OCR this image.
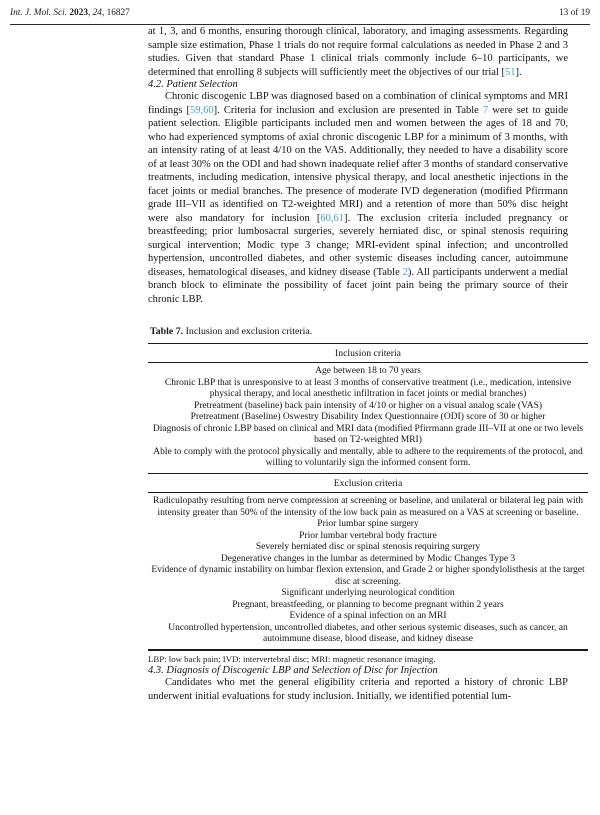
Int. J. Mol. Sci. 2023, 24, 16827	13 of 19

at 1, 3, and 6 months, ensuring thorough clinical, laboratory, and imaging assessments. Regarding sample size estimation, Phase 1 trials do not require formal calculations as needed in Phase 2 and 3 studies. Given that standard Phase 1 clinical trials commonly include 6–10 participants, we determined that enrolling 8 subjects will sufficiently meet the objectives of our trial [51].

4.2. Patient Selection

Chronic discogenic LBP was diagnosed based on a combination of clinical symptoms and MRI findings [59,60]. Criteria for inclusion and exclusion are presented in Table 7 were set to guide patient selection. Eligible participants included men and women between the ages of 18 and 70, who had experienced symptoms of axial chronic discogenic LBP for a minimum of 3 months, with an intensity rating of at least 4/10 on the VAS. Additionally, they needed to have a disability score of at least 30% on the ODI and had shown inadequate relief after 3 months of standard conservative treatments, including medication, intensive physical therapy, and local anesthetic injections in the facet joints or medial branches. The presence of moderate IVD degeneration (modified Pfirrmann grade III–VII as identified on T2-weighted MRI) and a retention of more than 50% disc height were also mandatory for inclusion [60,61]. The exclusion criteria included pregnancy or breastfeeding; prior lumbosacral surgeries, severely herniated disc, or spinal stenosis requiring surgical intervention; Modic type 3 change; MRI-evident spinal infection; and uncontrolled hypertension, uncontrolled diabetes, and other systemic diseases including cancer, autoimmune diseases, hematological diseases, and kidney disease (Table 2). All participants underwent a medial branch block to eliminate the possibility of facet joint pain being the primary source of their chronic LBP.

Table 7. Inclusion and exclusion criteria.

Inclusion criteria
Age between 18 to 70 years
Chronic LBP that is unresponsive to at least 3 months of conservative treatment (i.e., medication, intensive physical therapy, and local anesthetic infiltration in facet joints or medial branches)
Pretreatment (baseline) back pain intensity of 4/10 or higher on a visual analog scale (VAS)
Pretreatment (Baseline) Oswestry Disability Index Questionnaire (ODI) score of 30 or higher
Diagnosis of chronic LBP based on clinical and MRI data (modified Pfirrmann grade III–VII at one or two levels based on T2-weighted MRI)
Able to comply with the protocol physically and mentally, able to adhere to the requirements of the protocol, and willing to voluntarily sign the informed consent form.
Exclusion criteria
Radiculopathy resulting from nerve compression at screening or baseline, and unilateral or bilateral leg pain with intensity greater than 50% of the intensity of the low back pain as measured on a VAS at screening or baseline.
Prior lumbar spine surgery
Prior lumbar vertebral body fracture
Severely herniated disc or spinal stenosis requiring surgery
Degenerative changes in the lumbar as determined by Modic Changes Type 3
Evidence of dynamic instability on lumbar flexion extension, and Grade 2 or higher spondylolisthesis at the target disc at screening.
Significant underlying neurological condition
Pregnant, breastfeeding, or planning to become pregnant within 2 years
Evidence of a spinal infection on an MRI
Uncontrolled hypertension, uncontrolled diabetes, and other serious systemic diseases, such as cancer, an autoimmune disease, blood disease, and kidney disease

LBP: low back pain; IVD: intervertebral disc; MRI: magnetic resonance imaging.

4.3. Diagnosis of Discogenic LBP and Selection of Disc for Injection

Candidates who met the general eligibility criteria and reported a history of chronic LBP underwent initial evaluations for study inclusion. Initially, we identified potential lum-
